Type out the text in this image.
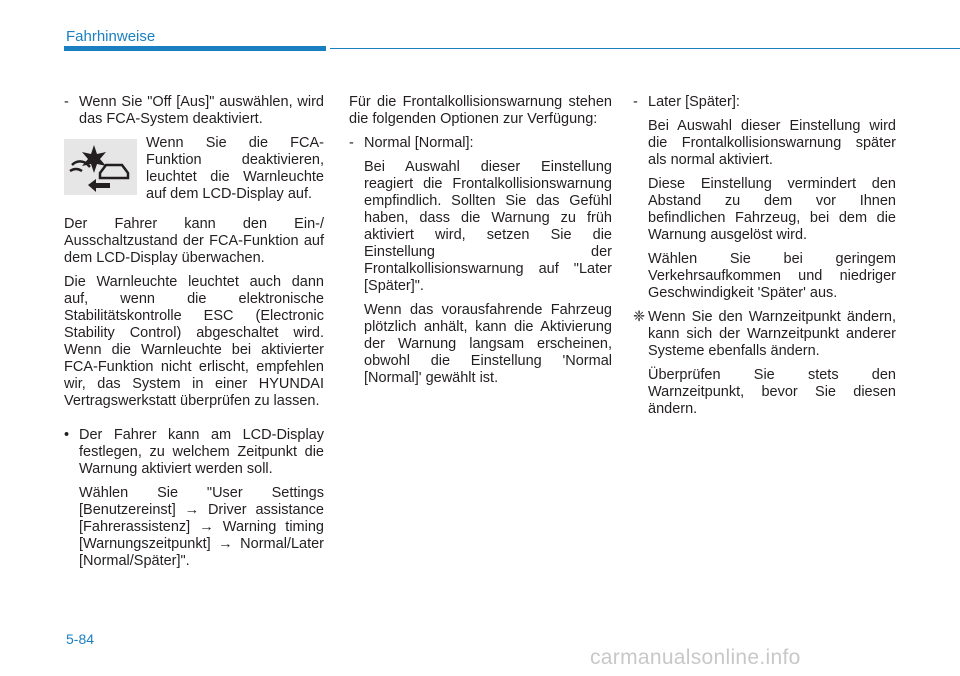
Fahrhinweise
- Wenn Sie "Off [Aus]" auswählen, wird das FCA-System deaktiviert.

Wenn Sie die FCA-Funktion deaktivieren, leuchtet die Warnleuchte auf dem LCD-Display auf.

Der Fahrer kann den Ein-/ Ausschaltzustand der FCA-Funktion auf dem LCD-Display überwachen.

Die Warnleuchte leuchtet auch dann auf, wenn die elektronische Stabilitätskontrolle ESC (Electronic Stability Control) abgeschaltet wird. Wenn die Warnleuchte bei aktivierter FCA-Funktion nicht erlischt, empfehlen wir, das System in einer HYUNDAI Vertragswerkstatt überprüfen zu lassen.

• Der Fahrer kann am LCD-Display festlegen, zu welchem Zeitpunkt die Warnung aktiviert werden soll.

Wählen Sie "User Settings [Benutzereinst] → Driver assistance [Fahrerassistenz] → Warning timing [Warnungszeitpunkt] → Normal/Later [Normal/Später]".

Für die Frontalkollisionswarnung stehen die folgenden Optionen zur Verfügung:

- Normal [Normal]:

Bei Auswahl dieser Einstellung reagiert die Frontalkollisionswarnung empfindlich. Sollten Sie das Gefühl haben, dass die Warnung zu früh aktiviert wird, setzen Sie die Einstellung der Frontalkollisionswarnung auf "Later [Später]".

Wenn das vorausfahrende Fahrzeug plötzlich anhält, kann die Aktivierung der Warnung langsam erscheinen, obwohl die Einstellung 'Normal [Normal]' gewählt ist.

- Later [Später]:

Bei Auswahl dieser Einstellung wird die Frontalkollisionswarnung später als normal aktiviert.

Diese Einstellung vermindert den Abstand zu dem vor Ihnen befindlichen Fahrzeug, bei dem die Warnung ausgelöst wird.

Wählen Sie bei geringem Verkehrsaufkommen und niedriger Geschwindigkeit 'Später' aus.

❈ Wenn Sie den Warnzeitpunkt ändern, kann sich der Warnzeitpunkt anderer Systeme ebenfalls ändern.

Überprüfen Sie stets den Warnzeitpunkt, bevor Sie diesen ändern.

5-84
carmanualsonline.info
